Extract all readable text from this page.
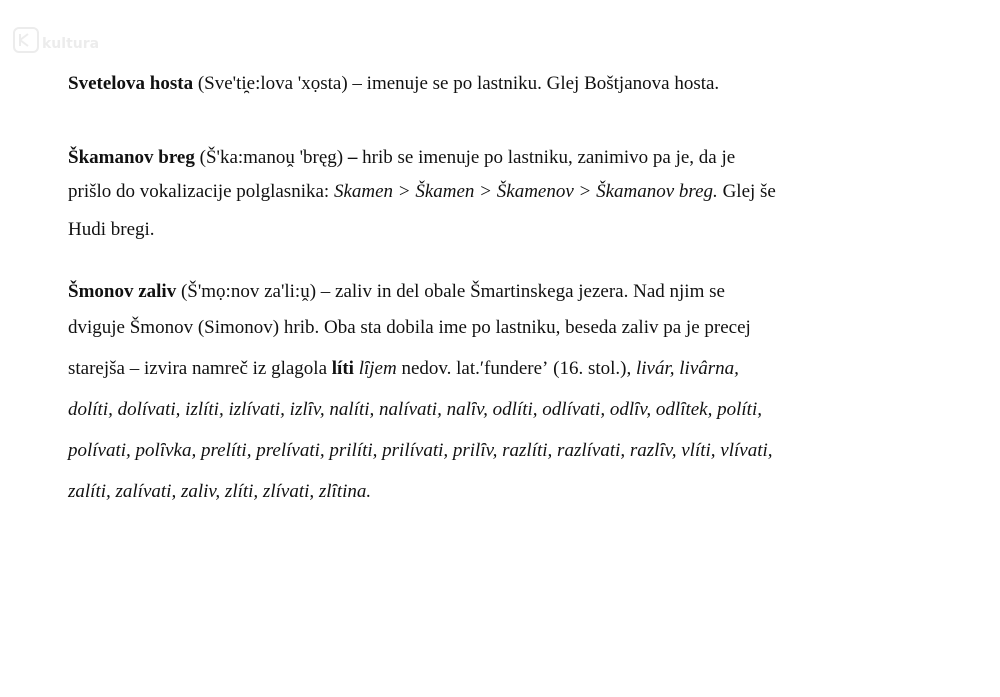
kultura

Svetelova hosta (Sve'ti̯e:lova 'xọsta) – imenuje se po lastniku. Glej Boštjanova hosta.

Škamanov breg (Š'ka:manoṷ 'bręg) – hrib se imenuje po lastniku, zanimivo pa je, da je
prišlo do vokalizacije polglasnika: Skamen > Škamen > Škamenov > Škamanov breg. Glej še
Hudi bregi.

Šmonov zaliv (Š'mọ:nov za'li:ṷ) – zaliv in del obale Šmartinskega jezera. Nad njim se
dviguje Šmonov (Simonov) hrib. Oba sta dobila ime po lastniku, beseda zaliv pa je precej
starejša – izvira namreč iz glagola líti lȋjem nedov. lat.ʹfundereʼ (16. stol.), livár, livârna,
dolíti, dolívati, izlíti, izlívati, izlȋv, nalíti, nalívati, nalȋv, odlíti, odlívati, odlȋv, odlȋtek, políti,
polívati, polȋvka, prelíti, prelívati, prilíti, prilívati, prilȋv, razlíti, razlívati, razlȋv, vlíti, vlívati,
zalíti, zalívati, zaliv, zlíti, zlívati, zlȋtina.
